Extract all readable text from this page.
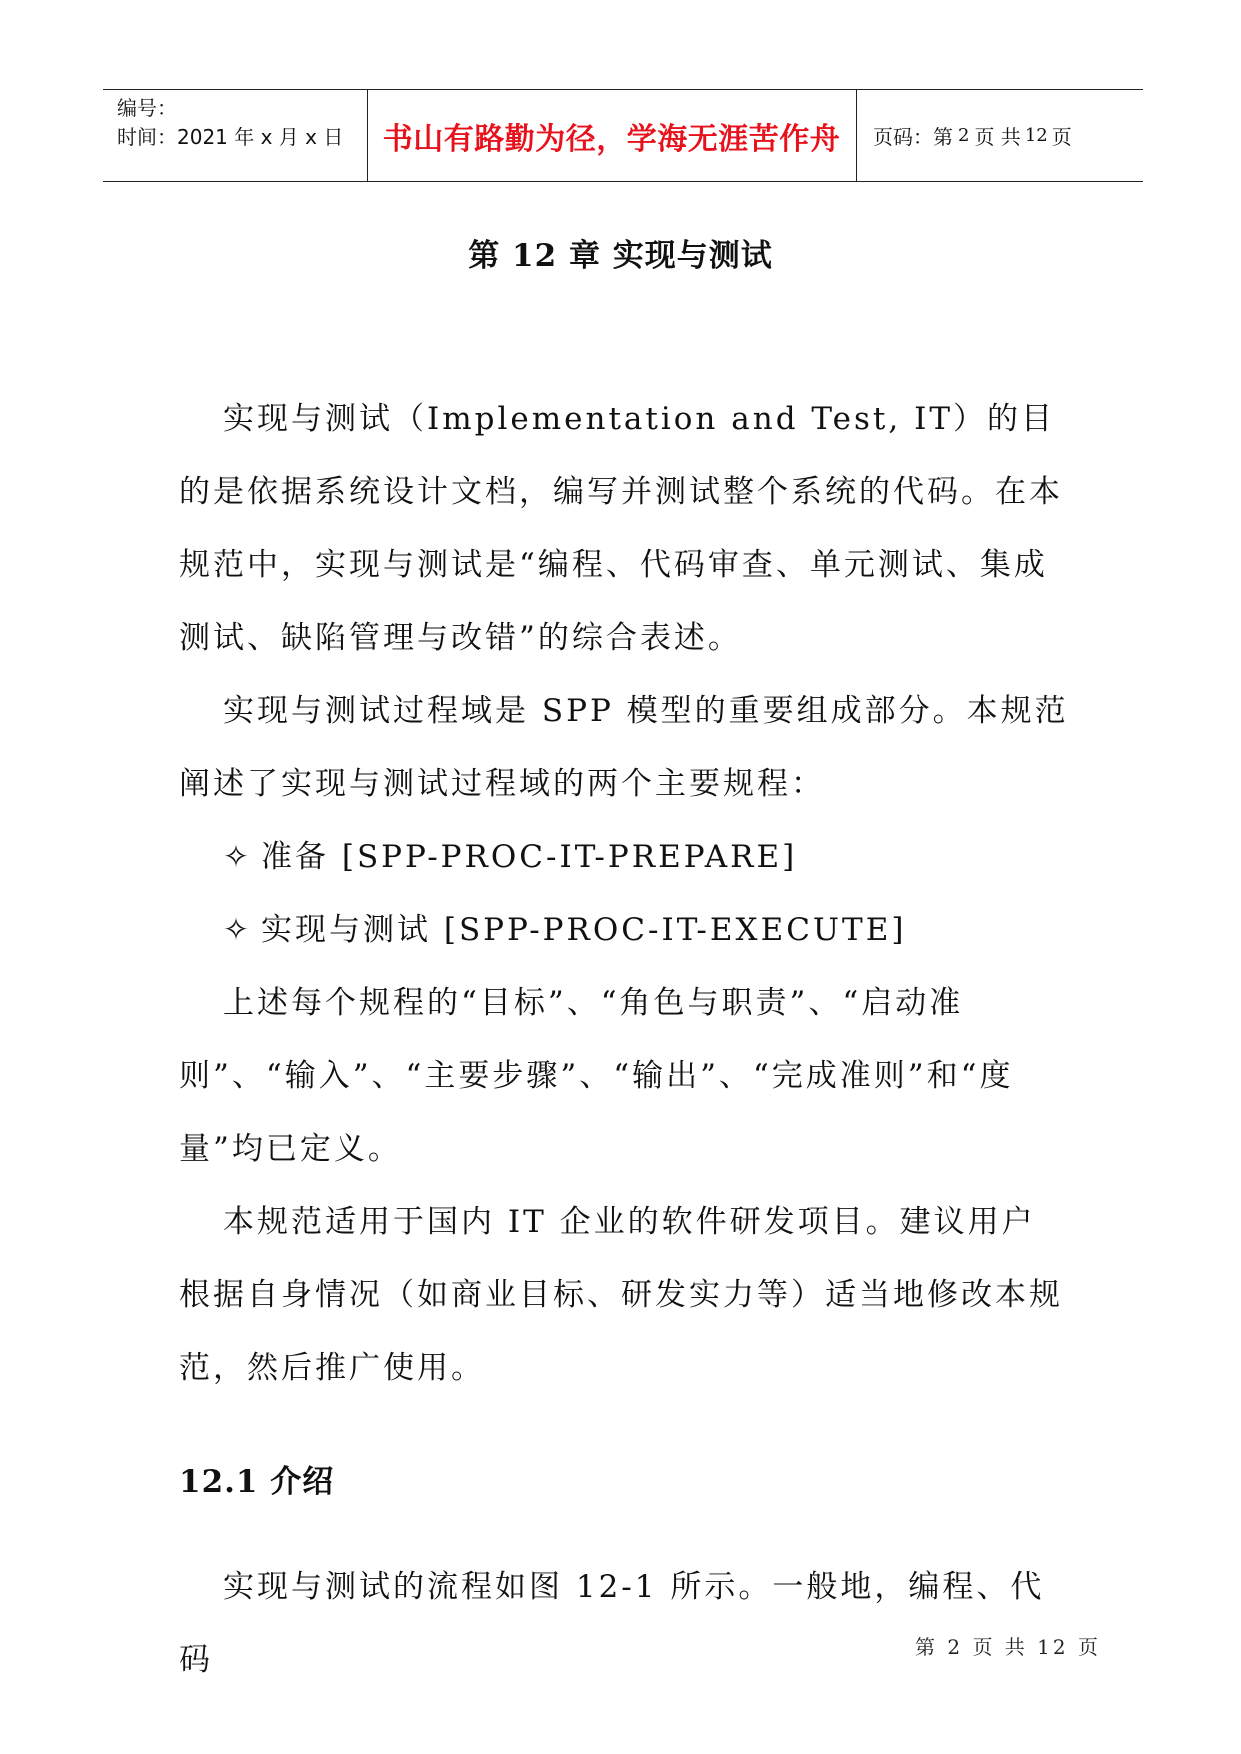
编号：
时间：2021 年 x 月 x 日	书山有路勤为径，学海无涯苦作舟	页码：第 2 页 共 12 页
第 12 章 实现与测试

实现与测试（Implementation and Test, IT）的目的是依据系统设计文档，编写并测试整个系统的代码。在本规范中，实现与测试是“编程、代码审查、单元测试、集成测试、缺陷管理与改错”的综合表述。

实现与测试过程域是 SPP 模型的重要组成部分。本规范阐述了实现与测试过程域的两个主要规程：

✧ 准备 [SPP-PROC-IT-PREPARE]
✧ 实现与测试 [SPP-PROC-IT-EXECUTE]

上述每个规程的“目标”、“角色与职责”、“启动准则”、“输入”、“主要步骤”、“输出”、“完成准则”和“度量”均已定义。

本规范适用于国内 IT 企业的软件研发项目。建议用户根据自身情况（如商业目标、研发实力等）适当地修改本规范，然后推广使用。

12.1 介绍

实现与测试的流程如图 12-1 所示。一般地，编程、代码	第 2 页 共 12 页
